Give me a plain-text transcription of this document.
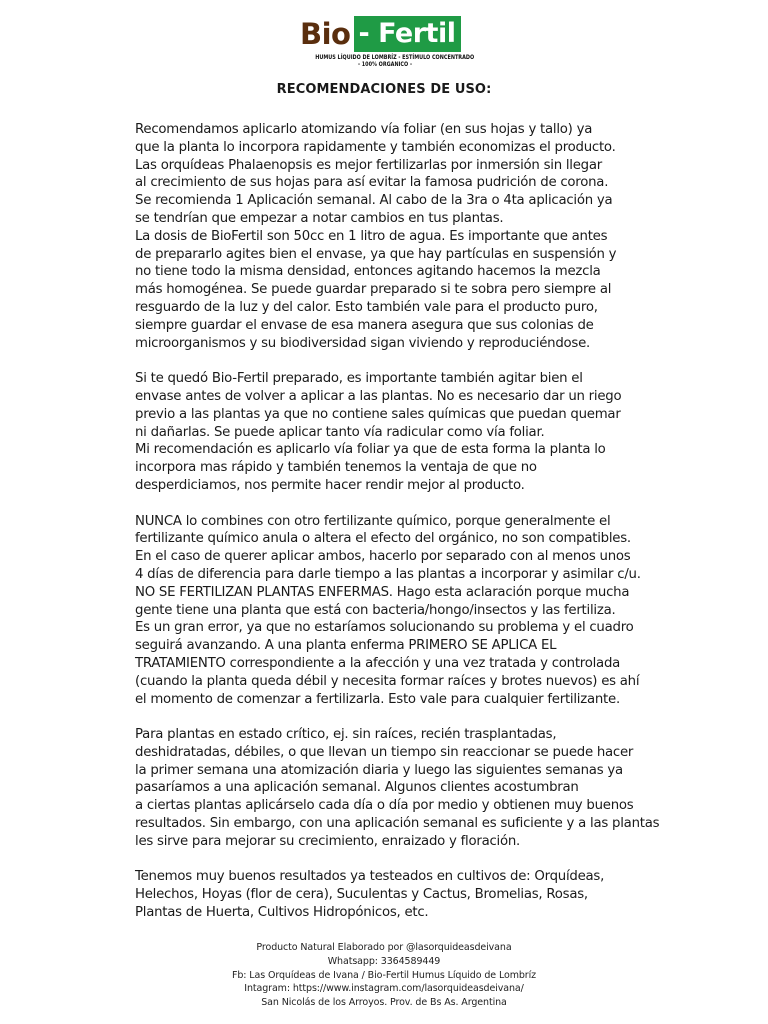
Bio - Fertil
HUMUS LÍQUIDO DE LOMBRÍZ - ESTÍMULO CONCENTRADO
- 100% ORGÁNICO -
RECOMENDACIONES DE USO:
Recomendamos aplicarlo atomizando vía foliar (en sus hojas y tallo) ya
que la planta lo incorpora rapidamente y también economizas el producto.
Las orquídeas Phalaenopsis es mejor fertilizarlas por inmersión sin llegar
al crecimiento de sus hojas para así evitar la famosa pudrición de corona.
Se recomienda 1 Aplicación semanal. Al cabo de la 3ra o 4ta aplicación ya
se tendrían que empezar a notar cambios en tus plantas.
La dosis de BioFertil son 50cc en 1 litro de agua. Es importante que antes
de prepararlo agites bien el envase, ya que hay partículas en suspensión y
no tiene todo la misma densidad, entonces agitando hacemos la mezcla
más homogénea. Se puede guardar preparado si te sobra pero siempre al
resguardo de la luz y del calor. Esto también vale para el producto puro,
siempre guardar el envase de esa manera asegura que sus colonias de
microorganismos y su biodiversidad sigan viviendo y reproduciéndose.
Si te quedó Bio-Fertil preparado, es importante también agitar bien el
envase antes de volver a aplicar a las plantas. No es necesario dar un riego
previo a las plantas ya que no contiene sales químicas que puedan quemar
ni dañarlas. Se puede aplicar tanto vía radicular como vía foliar.
Mi recomendación es aplicarlo vía foliar ya que de esta forma la planta lo
incorpora mas rápido y también tenemos la ventaja de que no
desperdiciamos, nos permite hacer rendir mejor al producto.
NUNCA lo combines con otro fertilizante químico, porque generalmente el
fertilizante químico anula o altera el efecto del orgánico, no son compatibles.
En el caso de querer aplicar ambos, hacerlo por separado con al menos unos
4 días de diferencia para darle tiempo a las plantas a incorporar y asimilar c/u.
NO SE FERTILIZAN PLANTAS ENFERMAS. Hago esta aclaración porque mucha
gente tiene una planta que está con bacteria/hongo/insectos y las fertiliza.
Es un gran error, ya que no estaríamos solucionando su problema y el cuadro
seguirá avanzando. A una planta enferma PRIMERO SE APLICA EL
TRATAMIENTO correspondiente a la afección y una vez tratada y controlada
(cuando la planta queda débil y necesita formar raíces y brotes nuevos) es ahí
el momento de comenzar a fertilizarla. Esto vale para cualquier fertilizante.
Para plantas en estado crítico, ej. sin raíces, recién trasplantadas,
deshidratadas, débiles, o que llevan un tiempo sin reaccionar se puede hacer
la primer semana una atomización diaria y luego las siguientes semanas ya
pasaríamos a una aplicación semanal. Algunos clientes acostumbran
a ciertas plantas aplicárselo cada día o día por medio y obtienen muy buenos
resultados. Sin embargo, con una aplicación semanal es suficiente y a las plantas
les sirve para mejorar su crecimiento, enraizado y floración.
Tenemos muy buenos resultados ya testeados en cultivos de: Orquídeas,
Helechos, Hoyas (flor de cera), Suculentas y Cactus, Bromelias, Rosas,
Plantas de Huerta, Cultivos Hidropónicos, etc.
Producto Natural Elaborado por @lasorquideasdeivana
Whatsapp: 3364589449
Fb: Las Orquídeas de Ivana / Bio-Fertil Humus Líquido de Lombríz
Intagram: https://www.instagram.com/lasorquideasdeivana/
San Nicolás de los Arroyos. Prov. de Bs As. Argentina
